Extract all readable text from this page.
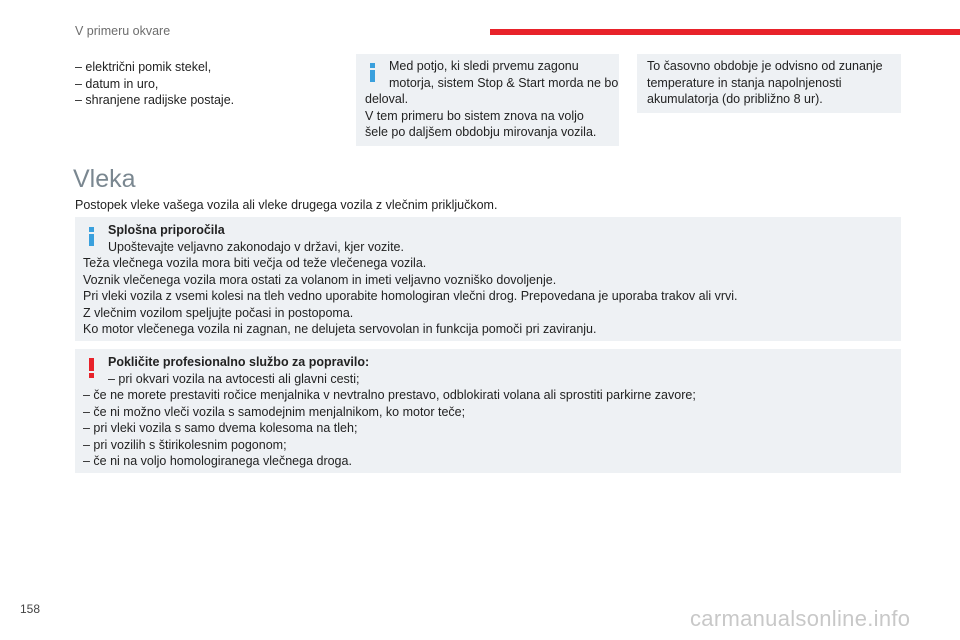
V primeru okvare
– električni pomik stekel,
– datum in uro,
– shranjene radijske postaje.
Med potjo, ki sledi prvemu zagonu
motorja, sistem Stop & Start morda ne bo
deloval.
V tem primeru bo sistem znova na voljo
šele po daljšem obdobju mirovanja vozila.
To časovno obdobje je odvisno od zunanje
temperature in stanja napolnjenosti
akumulatorja (do približno 8 ur).
Vleka
Postopek vleke vašega vozila ali vleke drugega vozila z vlečnim priključkom.
Splošna priporočila
Upoštevajte veljavno zakonodajo v državi, kjer vozite.
Teža vlečnega vozila mora biti večja od teže vlečenega vozila.
Voznik vlečenega vozila mora ostati za volanom in imeti veljavno vozniško dovoljenje.
Pri vleki vozila z vsemi kolesi na tleh vedno uporabite homologiran vlečni drog. Prepovedana je uporaba trakov ali vrvi.
Z vlečnim vozilom speljujte počasi in postopoma.
Ko motor vlečenega vozila ni zagnan, ne delujeta servovolan in funkcija pomoči pri zaviranju.
Pokličite profesionalno službo za popravilo:
– pri okvari vozila na avtocesti ali glavni cesti;
– če ne morete prestaviti ročice menjalnika v nevtralno prestavo, odblokirati volana ali sprostiti parkirne zavore;
– če ni možno vleči vozila s samodejnim menjalnikom, ko motor teče;
– pri vleki vozila s samo dvema kolesoma na tleh;
– pri vozilih s štirikolesnim pogonom;
– če ni na voljo homologiranega vlečnega droga.
158	carmanualsonline.info
